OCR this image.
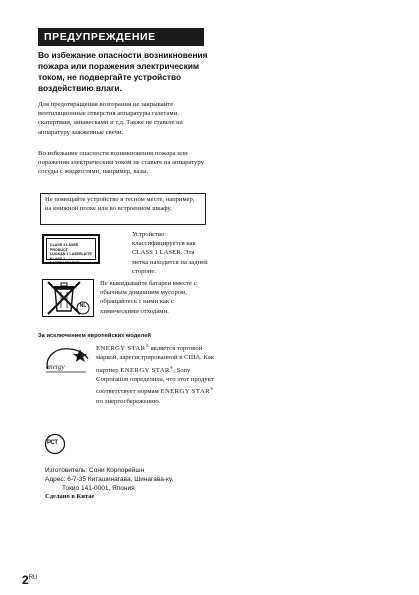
ПРЕДУПРЕЖДЕНИЕ
Во избежание опасности возникновения пожара или поражения электрическим током, не подвергайте устройство воздействию влаги.
Для предотвращения возгорания не закрывайте вентиляционные отверстия аппаратуры газетами, скатертями, занавесками и т.д. Также не ставьте на аппаратуру зажженные свечи.
Во избежание опасности возникновения пожара или поражения электрическим током не ставьте на аппаратуру сосуды с жидкостями, например, вазы.
Не помещайте устройство в тесном месте, например, на книжной полке или во встроенном шкафу.
CLASS 1 LASER PRODUCT
LUOKAN 1 LASERLAITE
KLASS 1 LASERAPPARAT
Устройство классифицируется как CLASS 1 LASER. Эта метка находится на задней стороне.
NL
Не выкидывайте батареи вместе с обычным домашним мусором, обращайтесь с ними как с химическими отходами.
За исключением европейских моделей
energy
ENERGY STAR® является торговой маркой, зарегистрированной в США. Как партнер ENERGY STAR®, Sony Corporation определила, что этот продукт соответствует нормам ENERGY STAR® по энергосбережению.
РСТ
Изготовитель: Сони Корпорейшн
Адрес: 6-7-35 Киташинагава, Шинагава-ку,
Токио 141-0001, Япония
Сделано в Китае
$2^{RU}$
